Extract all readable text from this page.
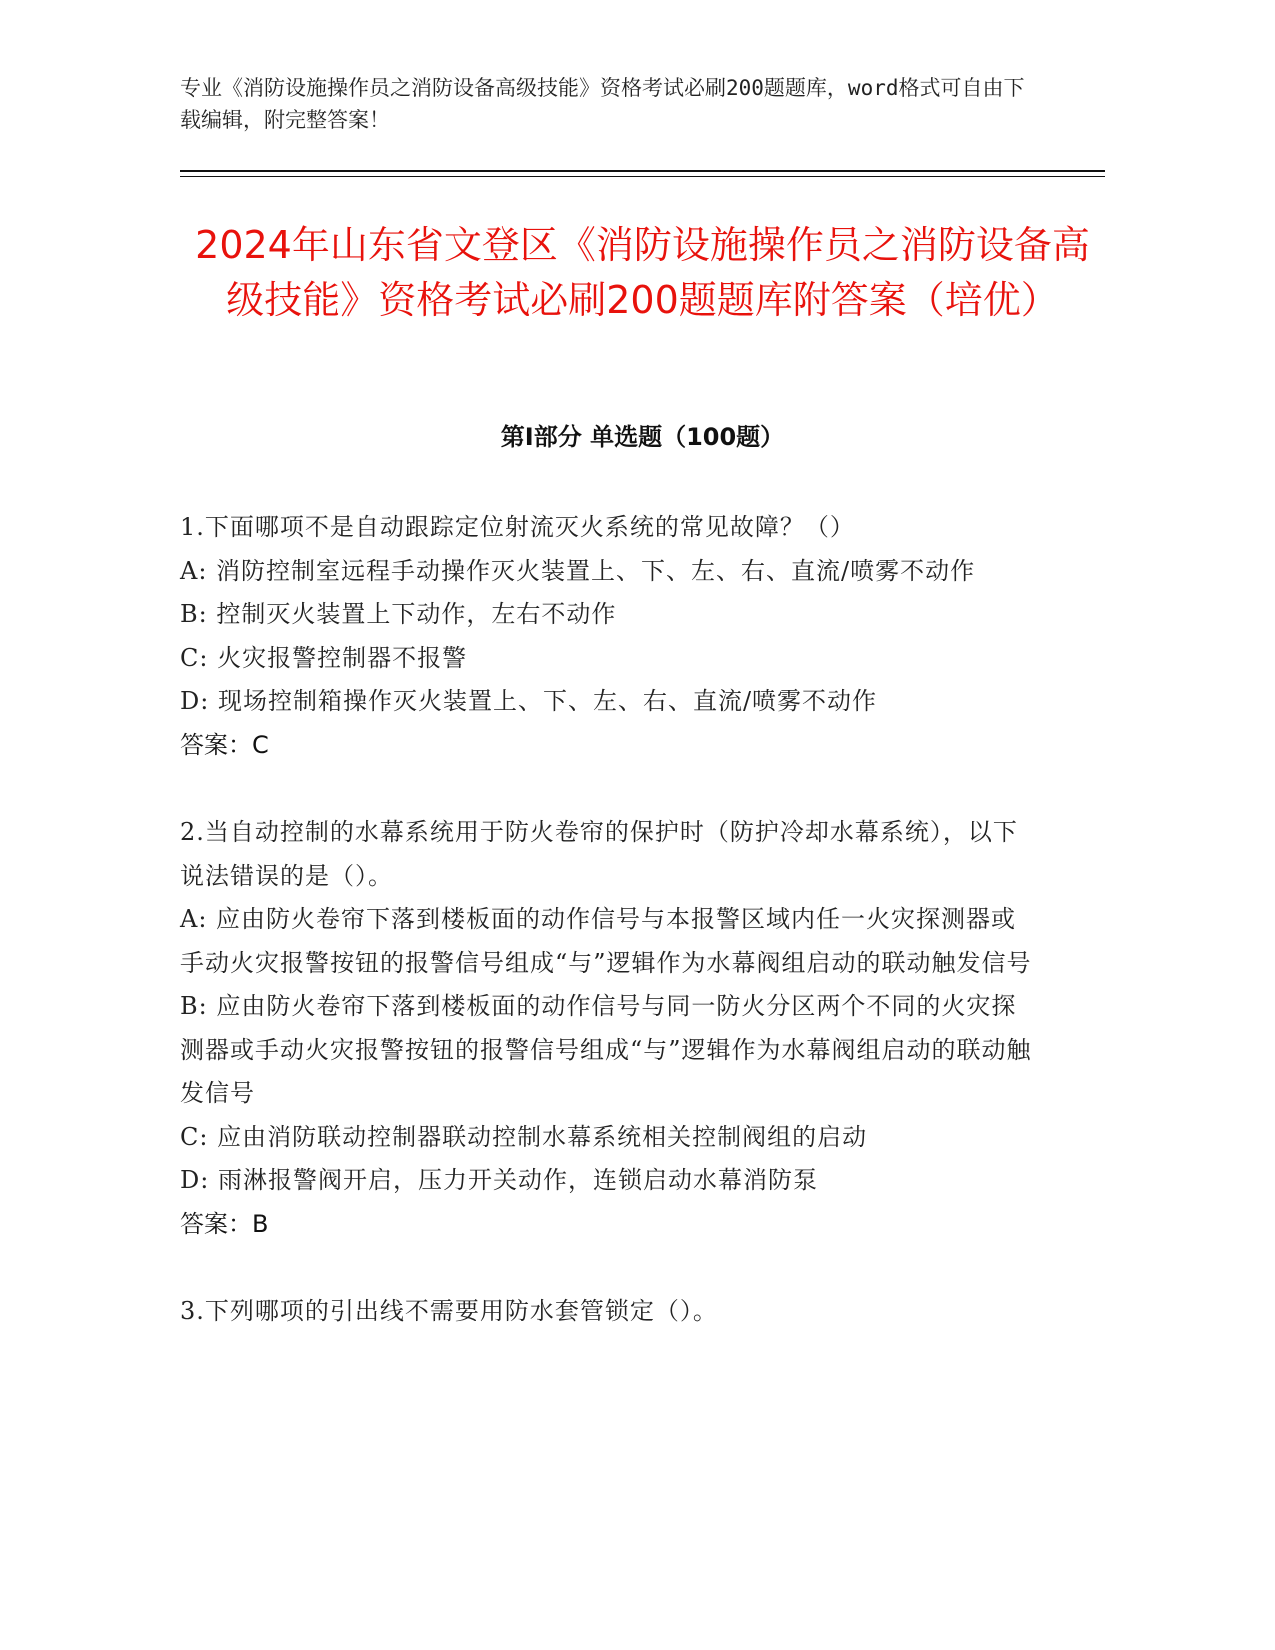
专业《消防设施操作员之消防设备高级技能》资格考试必刷200题题库，word格式可自由下载编辑，附完整答案！
2024年山东省文登区《消防设施操作员之消防设备高级技能》资格考试必刷200题题库附答案（培优）
第Ⅰ部分 单选题（100题）
1.下面哪项不是自动跟踪定位射流灭火系统的常见故障？（）
A: 消防控制室远程手动操作灭火装置上、下、左、右、直流/喷雾不动作
B: 控制灭火装置上下动作，左右不动作
C: 火灾报警控制器不报警
D: 现场控制箱操作灭火装置上、下、左、右、直流/喷雾不动作
答案：C
2.当自动控制的水幕系统用于防火卷帘的保护时（防护冷却水幕系统），以下说法错误的是（）。
A: 应由防火卷帘下落到楼板面的动作信号与本报警区域内任一火灾探测器或手动火灾报警按钮的报警信号组成“与”逻辑作为水幕阀组启动的联动触发信号
B: 应由防火卷帘下落到楼板面的动作信号与同一防火分区两个不同的火灾探测器或手动火灾报警按钮的报警信号组成“与”逻辑作为水幕阀组启动的联动触发信号
C: 应由消防联动控制器联动控制水幕系统相关控制阀组的启动
D: 雨淋报警阀开启，压力开关动作，连锁启动水幕消防泵
答案：B
3.下列哪项的引出线不需要用防水套管锁定（）。
